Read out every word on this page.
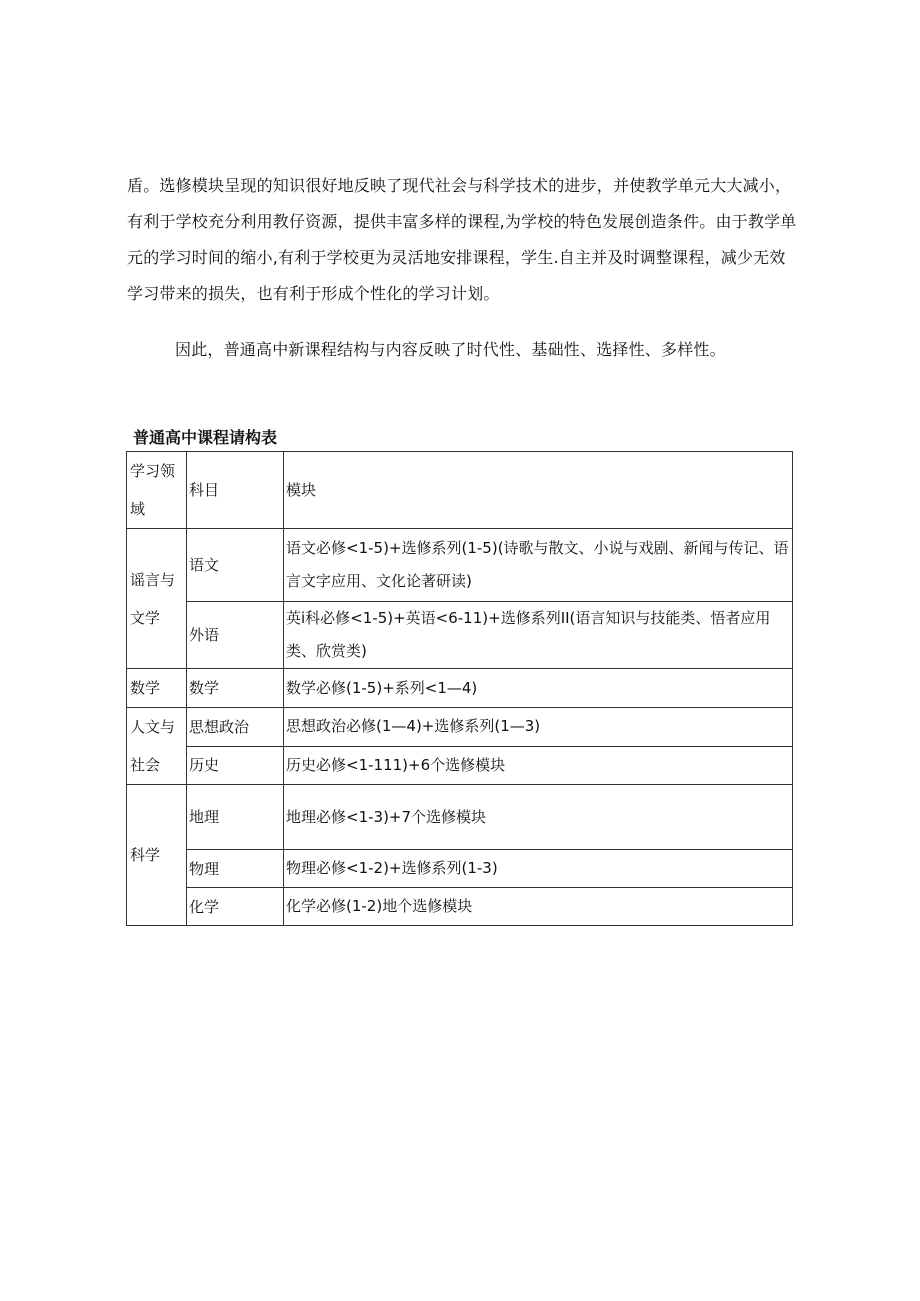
盾。选修模块呈现的知识很好地反映了现代社会与科学技术的进步，并使教学单元大大减小，有利于学校充分利用教仔资源，提供丰富多样的课程,为学校的特色发展创造条件。由于教学单元的学习时间的缩小,有利于学校更为灵活地安排课程，学生.自主并及时调整课程，减少无效学习带来的损失，也有利于形成个性化的学习计划。

因此，普通高中新课程结构与内容反映了时代性、基础性、选择性、多样性。

普通高中课程请构表
学习领域	科目	模块
谣言与文学	语文	语文必修<1-5)+选修系列(1-5)(诗歌与散文、小说与戏剧、新闻与传记、语言文字应用、文化论著研读)
	外语	英i科必修<1-5)+英语<6-11)+选修系列II(语言知识与技能类、悟者应用类、欣赏类)
数学	数学	数学必修(1-5)+系列<1—4)
人文与社会	思想政治	思想政治必修(1—4)+选修系列(1—3)
	历史	历史必修<1-111)+6个选修模块
科学	地理	地理必修<1-3)+7个选修模块
	物理	物理必修<1-2)+选修系列(1-3)
	化学	化学必修(1-2)地个选修模块
